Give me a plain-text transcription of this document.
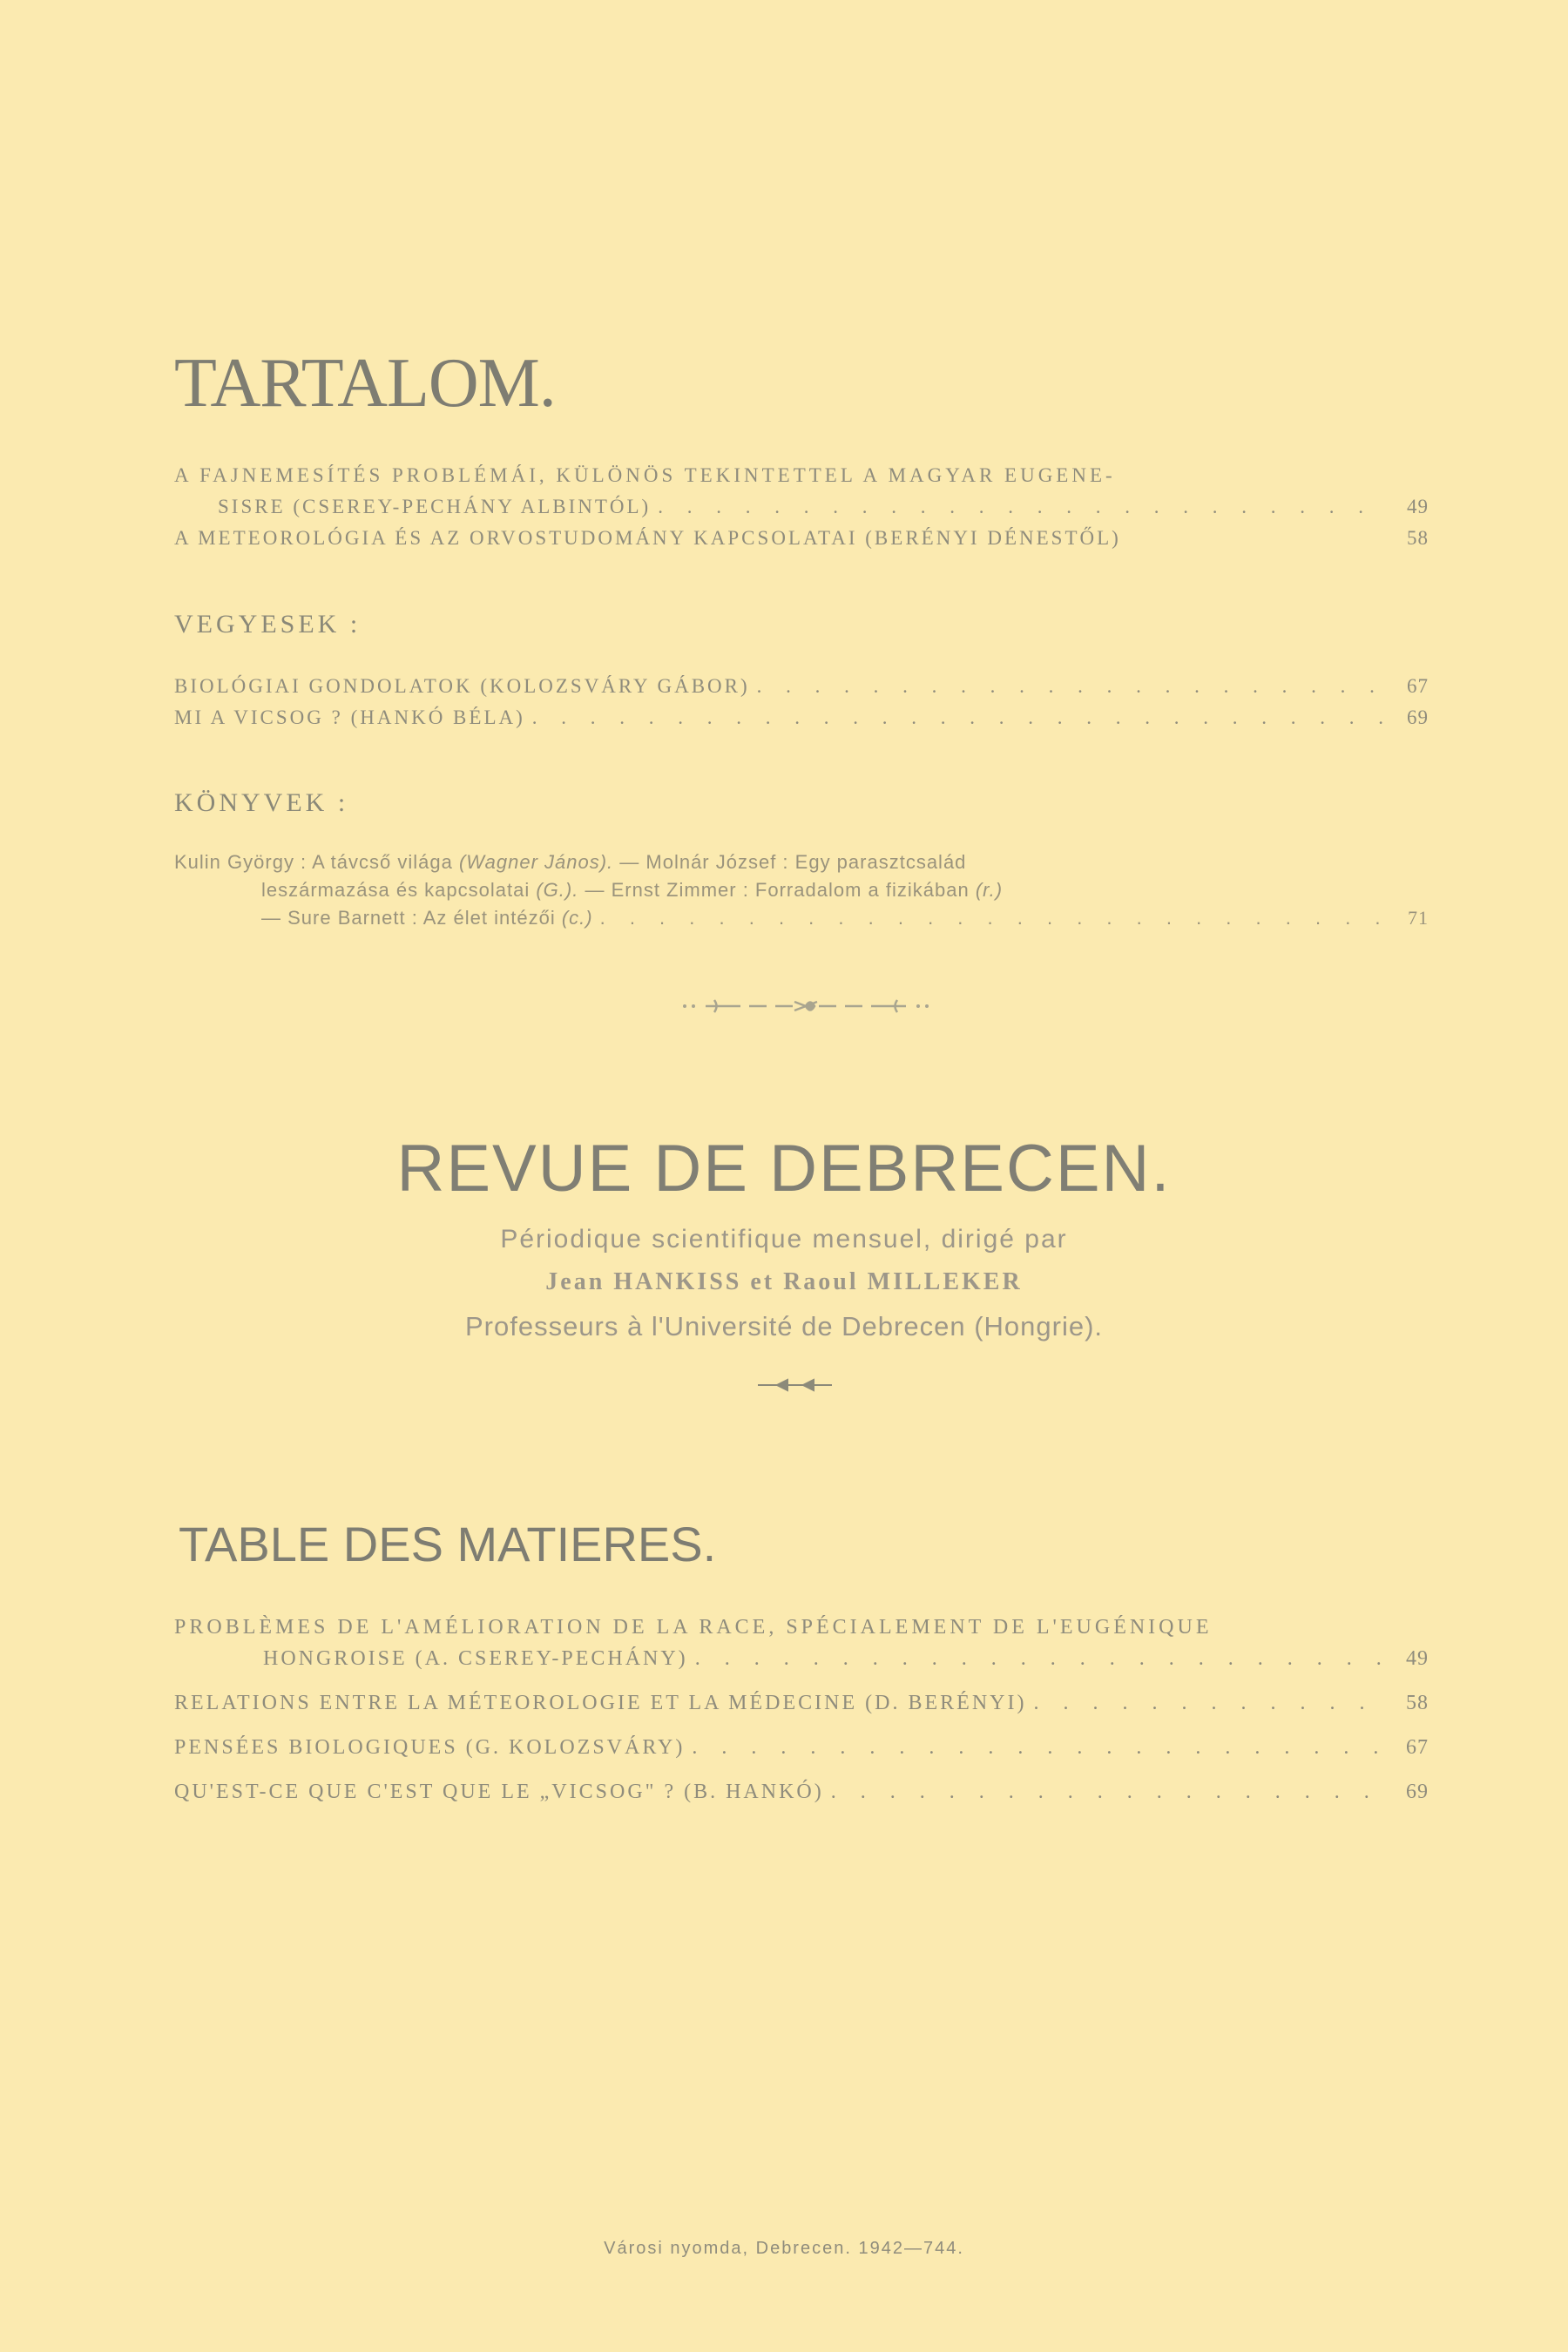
TARTALOM.
A FAJNEMESÍTÉS PROBLÉMÁI, KÜLÖNÖS TEKINTETTEL A MAGYAR EUGENE-
SISRE (CSEREY-PECHÁNY ALBINTÓL) . . .	49
A METEOROLÓGIA ÉS AZ ORVOSTUDOMÁNY KAPCSOLATAI (BERÉNYI DÉNESTŐL)	58
VEGYESEK :
BIOLÓGIAI GONDOLATOK (KOLOZSVÁRY GÁBOR) . . .	67
MI A VICSOG ? (HANKÓ BÉLA) . . .	69
KÖNYVEK :
Kulin György : A távcső világa (Wagner János). — Molnár József : Egy parasztcsalád
leszármazása és kapcsolatai (G.). — Ernst Zimmer : Forradalom a fizikában (r.)
— Sure Barnett : Az élet intézői (c.) . . .	71
REVUE DE DEBRECEN.
Périodique scientifique mensuel, dirigé par
Jean HANKISS et Raoul MILLEKER
Professeurs à l'Université de Debrecen (Hongrie).
TABLE DES MATIERES.
PROBLÈMES DE L'AMÉLIORATION DE LA RACE, SPÉCIALEMENT DE L'EUGÉNIQUE
HONGROISE (A. CSEREY-PECHÁNY) . . .	49
RELATIONS ENTRE LA MÉTEOROLOGIE ET LA MÉDECINE (D. BERÉNYI) . . .	58
PENSÉES BIOLOGIQUES (G. KOLOZSVÁRY) . . .	67
QU'EST-CE QUE C'EST QUE LE „VICSOG" ? (B. HANKÓ) . . .	69
Városi nyomda, Debrecen. 1942—744.
